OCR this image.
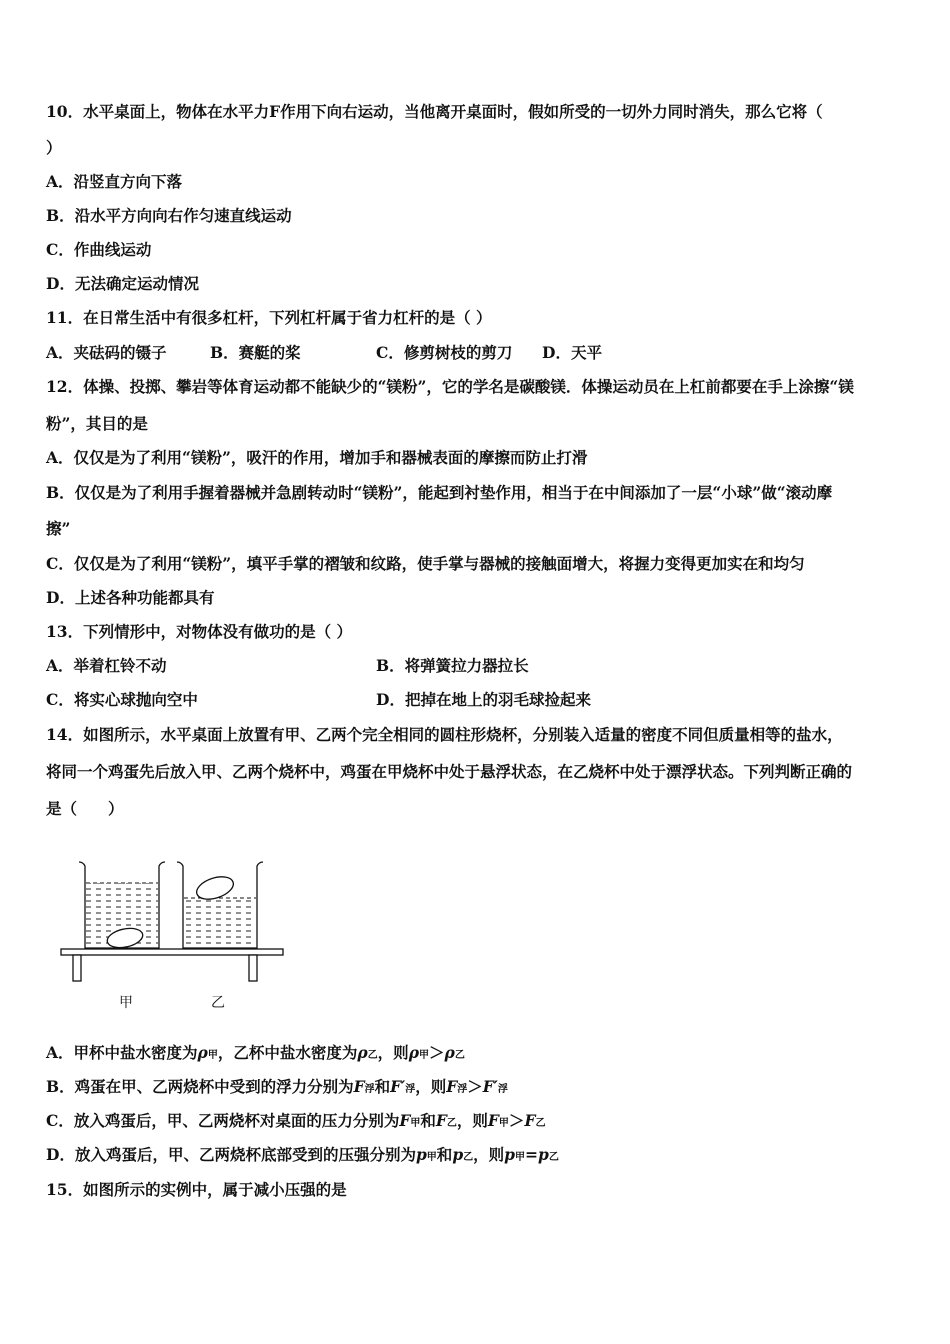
10．水平桌面上，物体在水平力F作用下向右运动，当他离开桌面时，假如所受的一切外力同时消失，那么它将（
）
A．沿竖直方向下落
B．沿水平方向向右作匀速直线运动
C．作曲线运动
D．无法确定运动情况
11．在日常生活中有很多杠杆，下列杠杆属于省力杠杆的是（ ）
A．夹砝码的镊子	B．赛艇的桨	C．修剪树枝的剪刀 D．天平
12．体操、投掷、攀岩等体育运动都不能缺少的“镁粉”，它的学名是碳酸镁．体操运动员在上杠前都要在手上涂擦“镁
粉”，其目的是
A．仅仅是为了利用“镁粉”，吸汗的作用，增加手和器械表面的摩擦而防止打滑
B．仅仅是为了利用手握着器械并急剧转动时“镁粉”，能起到衬垫作用，相当于在中间添加了一层“小球”做“滚动摩
擦”
C．仅仅是为了利用“镁粉”，填平手掌的褶皱和纹路，使手掌与器械的接触面增大，将握力变得更加实在和均匀
D．上述各种功能都具有
13．下列情形中，对物体没有做功的是（ ）
A．举着杠铃不动	B．将弹簧拉力器拉长
C．将实心球抛向空中	D．把掉在地上的羽毛球捡起来
14．如图所示，水平桌面上放置有甲、乙两个完全相同的圆柱形烧杯，分别装入适量的密度不同但质量相等的盐水，
将同一个鸡蛋先后放入甲、乙两个烧杯中，鸡蛋在甲烧杯中处于悬浮状态，在乙烧杯中处于漂浮状态。下列判断正确的
是（　　）
甲	乙
A．甲杯中盐水密度为ρ甲，乙杯中盐水密度为ρ乙，则ρ甲＞ρ乙
B．鸡蛋在甲、乙两烧杯中受到的浮力分别为F浮和F′浮，则F浮＞F′浮
C．放入鸡蛋后，甲、乙两烧杯对桌面的压力分别为F甲和F乙，则F甲＞F乙
D．放入鸡蛋后，甲、乙两烧杯底部受到的压强分别为p甲和p乙，则p甲=p乙
15．如图所示的实例中，属于减小压强的是
